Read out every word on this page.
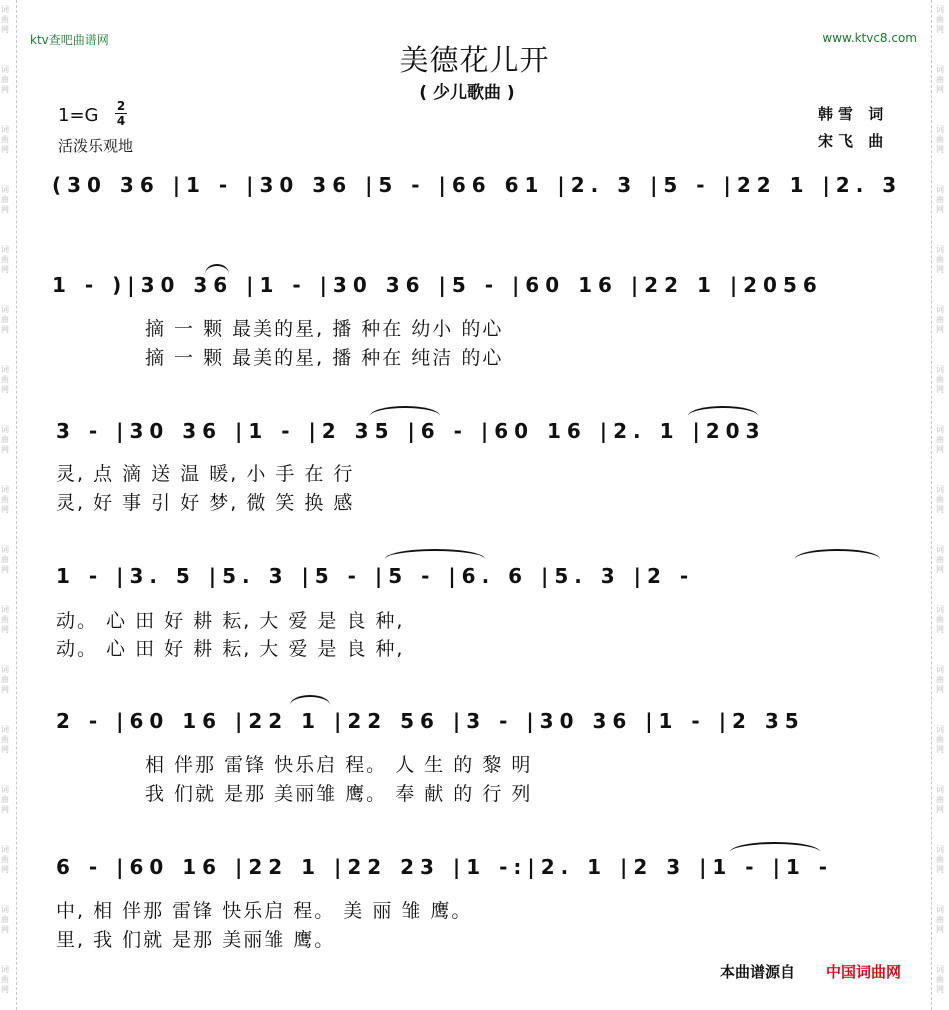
词
曲
网
词
曲
网
词
曲
网
词
曲
网
词
曲
网
词
曲
网
词
曲
网
词
曲
网
词
曲
网
词
曲
网
词
曲
网
词
曲
网
词
曲
网
词
曲
网
词
曲
网
词
曲
网
词
曲
网
词
曲
网
词
曲
网
词
曲
网
词
曲
网
词
曲
网
词
曲
网
词
曲
网
词
曲
网
词
曲
网
词
曲
网
词
曲
网
词
曲
网
词
曲
网
词
曲
网
词
曲
网
词
曲
网
词
曲
网
ktv查吧曲谱网	www.ktvc8.com
美德花儿开
( 少儿歌曲 )
1=G 2
4
活泼乐观地
韩雪 词
宋飞 曲
(30 36 |1 - |30 36 |5 - |66 61 |2. 3 |5 - |22 1 |2. 3
1 - )|30 36 |1 - |30 36 |5 - |60 16 |22 1 |2056
摘 一 颗 最美的星, 播 种在 幼小 的心
摘 一 颗 最美的星, 播 种在 纯洁 的心
3 - |30 36 |1 - |2 35 |6 - |60 16 |2. 1 |203
灵, 点 滴 送 温 暖, 小 手 在 行
灵, 好 事 引 好 梦, 微 笑 换 感
1 - |3. 5 |5. 3 |5 - |5 - |6. 6 |5. 3 |2 -
动。 心 田 好 耕 耘, 大 爱 是 良 种,
动。 心 田 好 耕 耘, 大 爱 是 良 种,
2 - |60 16 |22 1 |22 56 |3 - |30 36 |1 - |2 35
相 伴那 雷锋 快乐启 程。 人 生 的 黎 明
我 们就 是那 美丽雏 鹰。 奉 献 的 行 列
6 - |60 16 |22 1 |22 23 |1 -:|2. 1 |2 3 |1 - |1 -
中, 相 伴那 雷锋 快乐启 程。 美 丽 雏 鹰。
里, 我 们就 是那 美丽雏 鹰。
本曲谱源自 中国词曲网
